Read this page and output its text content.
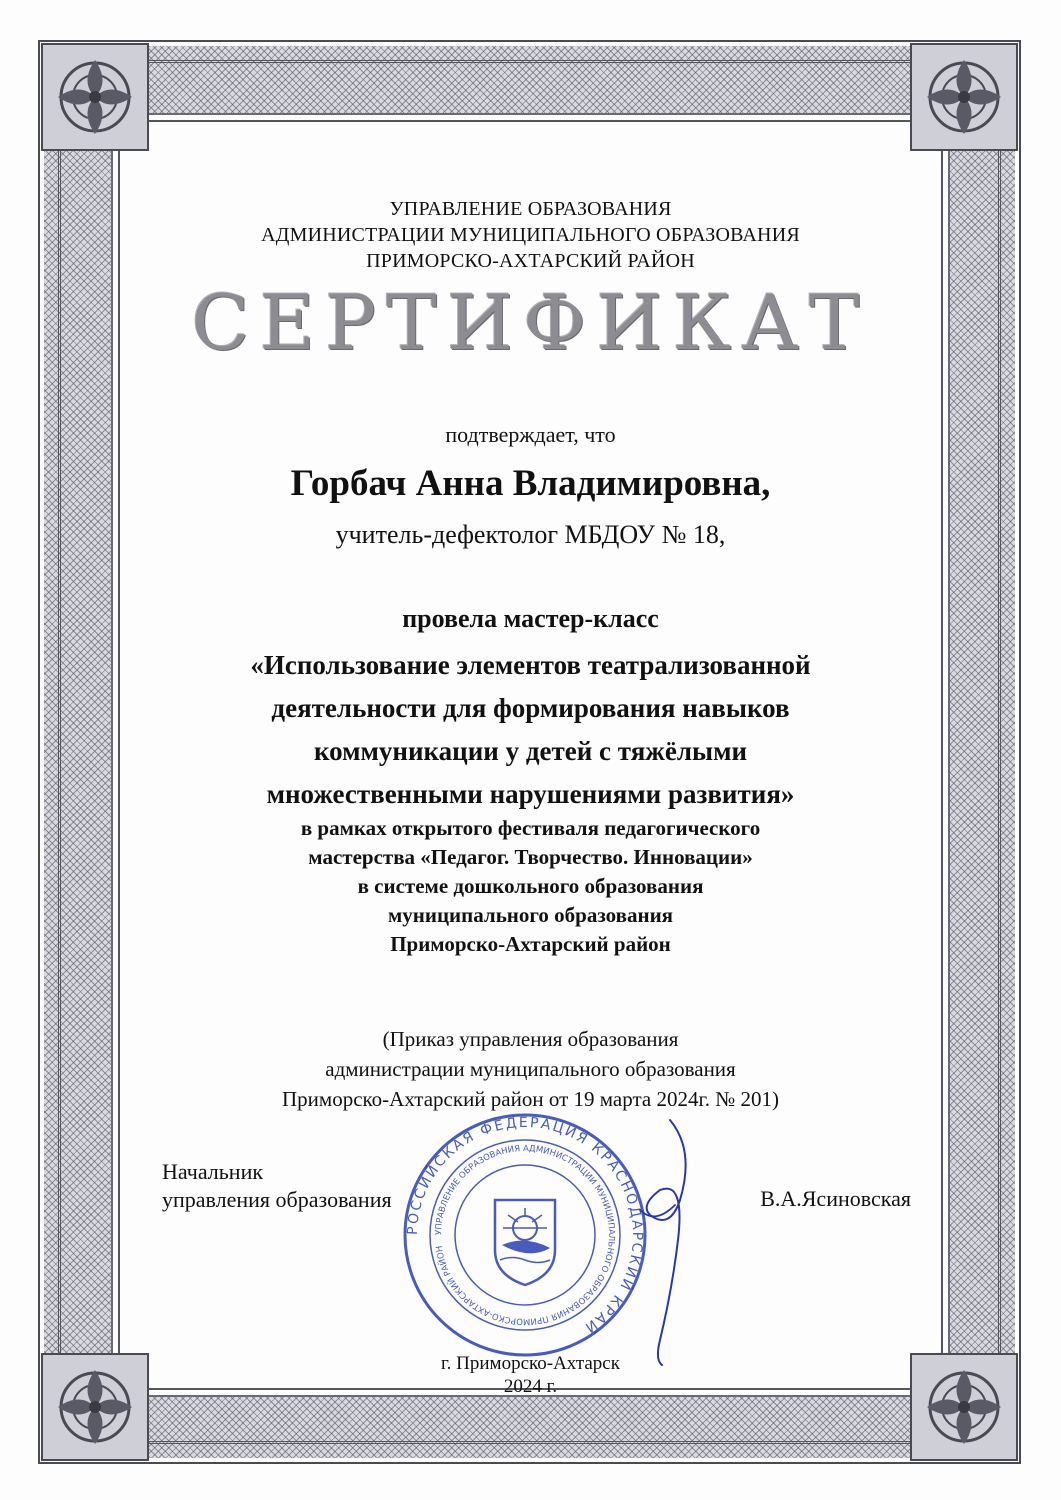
УПРАВЛЕНИЕ ОБРАЗОВАНИЯ
АДМИНИСТРАЦИИ МУНИЦИПАЛЬНОГО ОБРАЗОВАНИЯ
ПРИМОРСКО-АХТАРСКИЙ РАЙОН
СЕРТИФИКАТ
подтверждает, что
Горбач Анна Владимировна,
учитель-дефектолог МБДОУ № 18,
провела мастер-класс
«Использование элементов театрализованной
деятельности для формирования навыков
коммуникации у детей с тяжёлыми
множественными нарушениями развития»
в рамках открытого фестиваля педагогического
мастерства «Педагог. Творчество. Инновации»
в системе дошкольного образования
муниципального образования
Приморско-Ахтарский район
(Приказ управления образования
администрации муниципального образования
Приморско-Ахтарский район от 19 марта 2024г. № 201)
РОССИЙСКАЯ ФЕДЕРАЦИЯ КРАСНОДАРСКИЙ КРАЙ
УПРАВЛЕНИЕ ОБРАЗОВАНИЯ АДМИНИСТРАЦИИ МУНИЦИПАЛЬНОГО ОБРАЗОВАНИЯ ПРИМОРСКО-АХТАРСКИЙ РАЙОН
Начальник
управления образования	В.А.Ясиновская
г. Приморско-Ахтарск
2024 г.
